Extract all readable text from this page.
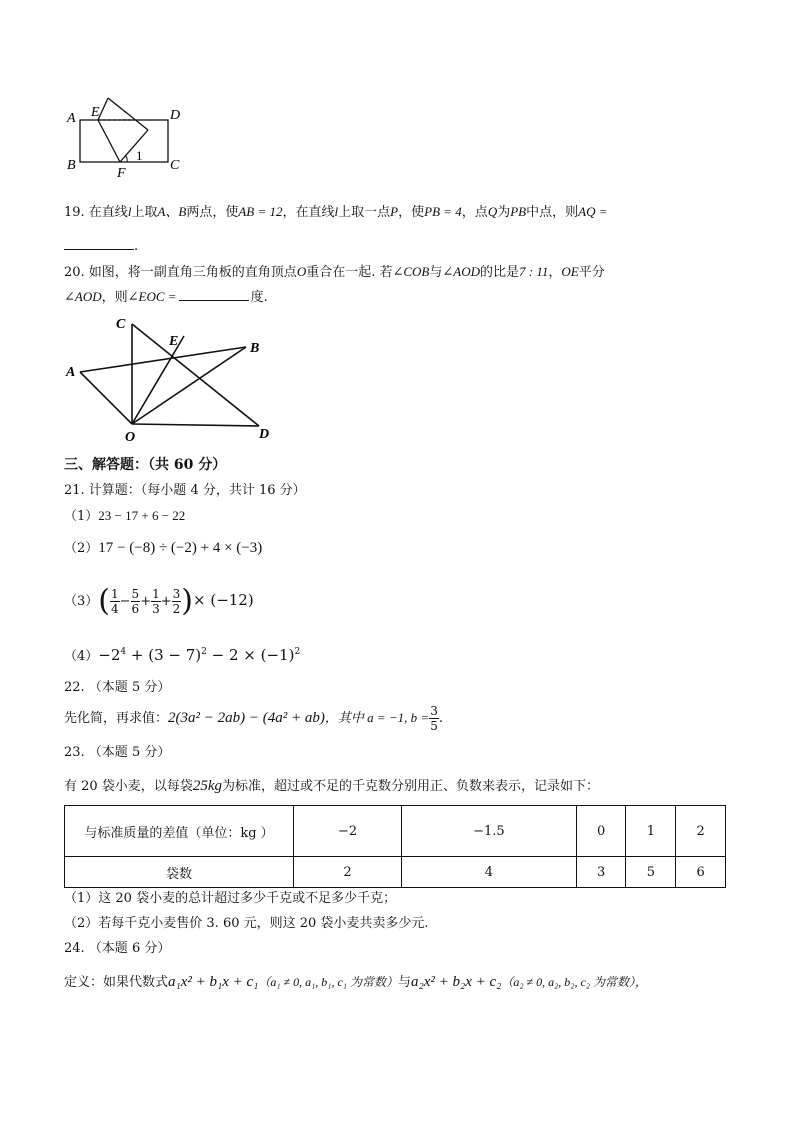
A E	D
B
F
C
1
19. 在直线l上取A、B两点，使AB = 12，在直线l上取一点P，使PB = 4，点Q为PB中点，则AQ =
.
20. 如图，将一副直角三角板的直角顶点O重合在一起. 若∠COB与∠AOD的比是7 : 11，OE平分
∠AOD，则∠EOC =	度.
C
E	B
A
O	D
三、解答题：（共 60 分）
21. 计算题：（每小题 4 分，共计 16 分）
（1）23 − 17 + 6 − 22
（2）17 − (−8) ÷ (−2) + 4 × (−3)
$(3)( \frac{1}{4} - \frac{5}{6} + \frac{1}{3} + \frac{3}{2}$ )× (−12)
$(4)-2^4 + (3 - 7)^2 - 2 \times (-1)^2$
22. （本题 5 分）
先化简，再求值：2(3a² − 2ab) − (4a² + ab)，其中 a = −1, $b = \frac{3}{5}$ .
23. （本题 5 分）
有 20 袋小麦，以每袋25kg为标准，超过或不足的千克数分别用正、负数来表示，记录如下：
与标准质量的差值（单位：kg ）	−2	−1.5	0	1	2
袋数	2	4	3	5	6
（1）这 20 袋小麦的总计超过多少千克或不足多少千克；
（2）若每千克小麦售价 3. 60 元，则这 20 袋小麦共卖多少元.
24. （本题 6 分）
定义：如果代数式a₁x² + b₁x + c₁（a₁ ≠ 0, a₁, b₁, c₁ 为常数）与a₂x² + b₂x + c₂（a₂ ≠ 0, a₂, b₂, c₂ 为常数），
